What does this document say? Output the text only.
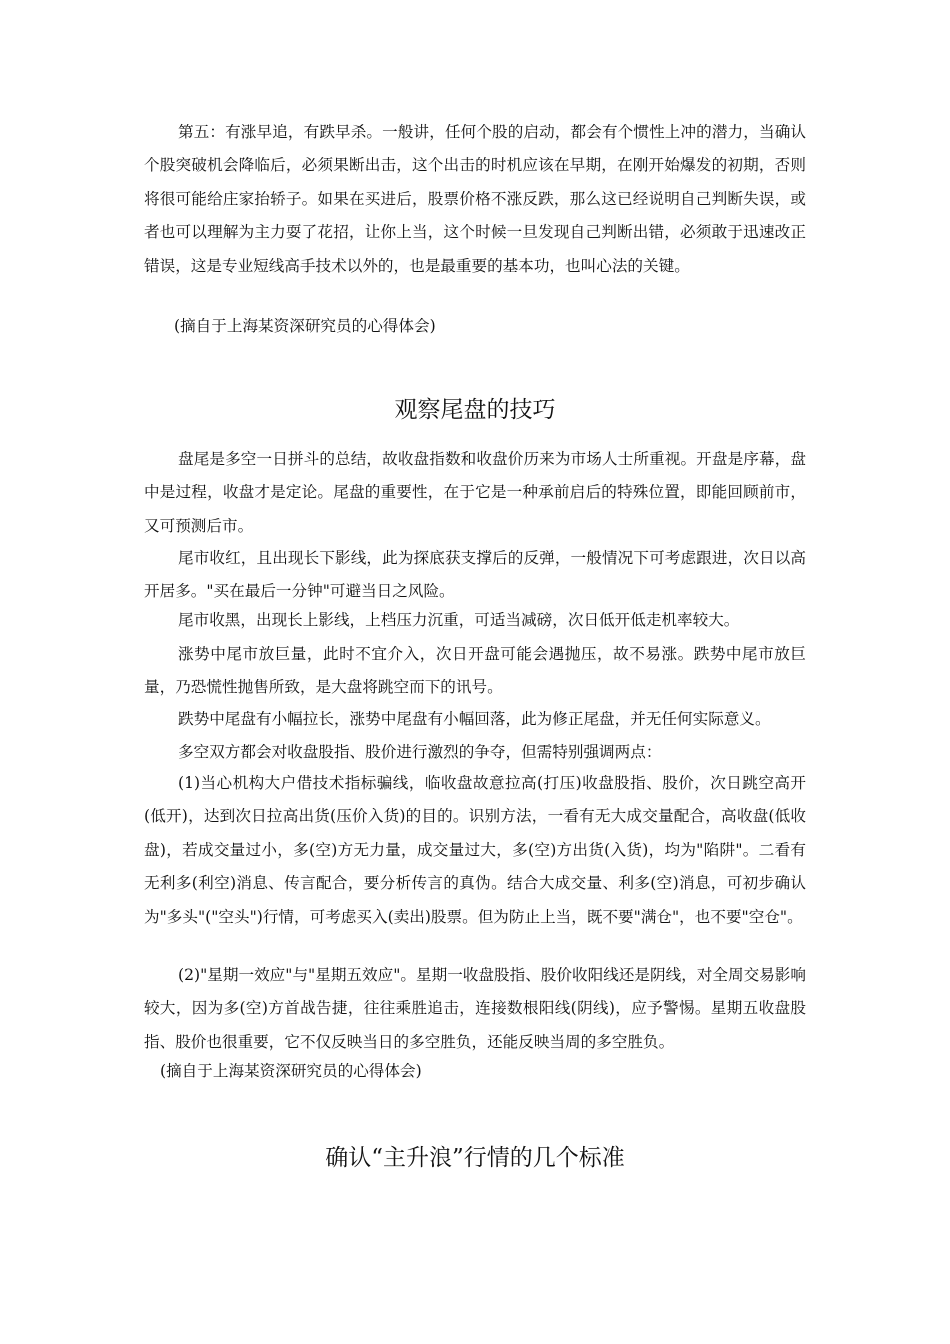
第五：有涨早追，有跌早杀。一般讲，任何个股的启动，都会有个惯性上冲的潜力，当确认个股突破机会降临后，必须果断出击，这个出击的时机应该在早期，在刚开始爆发的初期，否则将很可能给庄家抬轿子。如果在买进后，股票价格不涨反跌，那么这已经说明自己判断失误，或者也可以理解为主力耍了花招，让你上当，这个时候一旦发现自己判断出错，必须敢于迅速改正错误，这是专业短线高手技术以外的，也是最重要的基本功，也叫心法的关键。

(摘自于上海某资深研究员的心得体会)

观察尾盘的技巧

盘尾是多空一日拼斗的总结，故收盘指数和收盘价历来为市场人士所重视。开盘是序幕，盘中是过程，收盘才是定论。尾盘的重要性，在于它是一种承前启后的特殊位置，即能回顾前市，又可预测后市。

尾市收红，且出现长下影线，此为探底获支撑后的反弹，一般情况下可考虑跟进，次日以高开居多。"买在最后一分钟"可避当日之风险。

尾市收黑，出现长上影线，上档压力沉重，可适当减磅，次日低开低走机率较大。

涨势中尾市放巨量，此时不宜介入，次日开盘可能会遇抛压，故不易涨。跌势中尾市放巨量，乃恐慌性抛售所致，是大盘将跳空而下的讯号。

跌势中尾盘有小幅拉长，涨势中尾盘有小幅回落，此为修正尾盘，并无任何实际意义。

多空双方都会对收盘股指、股价进行激烈的争夺，但需特别强调两点：

(1)当心机构大户借技术指标骗线，临收盘故意拉高(打压)收盘股指、股价，次日跳空高开(低开)，达到次日拉高出货(压价入货)的目的。识别方法，一看有无大成交量配合，高收盘(低收盘)，若成交量过小，多(空)方无力量，成交量过大，多(空)方出货(入货)，均为"陷阱"。二看有无利多(利空)消息、传言配合，要分析传言的真伪。结合大成交量、利多(空)消息，可初步确认为"多头"("空头")行情，可考虑买入(卖出)股票。但为防止上当，既不要"满仓"，也不要"空仓"。

(2)"星期一效应"与"星期五效应"。星期一收盘股指、股价收阳线还是阴线，对全周交易影响较大，因为多(空)方首战告捷，往往乘胜追击，连接数根阳线(阴线)，应予警惕。星期五收盘股指、股价也很重要，它不仅反映当日的多空胜负，还能反映当周的多空胜负。

(摘自于上海某资深研究员的心得体会)

确认“主升浪”行情的几个标准
